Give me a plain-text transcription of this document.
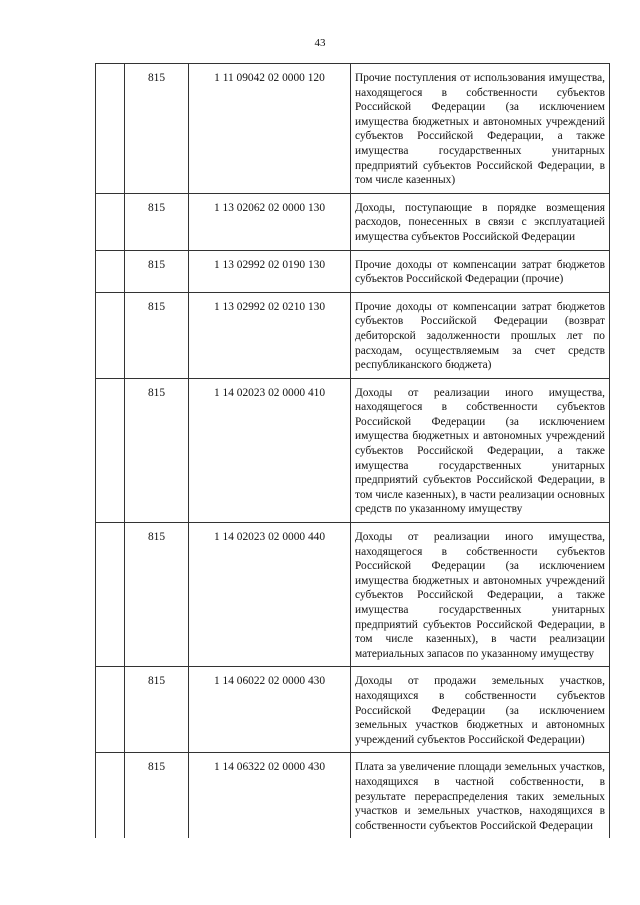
43
	815	1 11 09042 02 0000 120	Прочие поступления от использования имущества, находящегося в собственности субъектов Российской Федерации (за исключением имущества бюджетных и автономных учреждений субъектов Российской Федерации, а также имущества государственных унитарных предприятий субъектов Российской Федерации, в том числе казенных)
	815	1 13 02062 02 0000 130	Доходы, поступающие в порядке возмещения расходов, понесенных в связи с эксплуатацией имущества субъектов Российской Федерации
	815	1 13 02992 02 0190 130	Прочие доходы от компенсации затрат бюджетов субъектов Российской Федерации (прочие)
	815	1 13 02992 02 0210 130	Прочие доходы от компенсации затрат бюджетов субъектов Российской Федерации (возврат дебиторской задолженности прошлых лет по расходам, осуществляемым за счет средств республиканского бюджета)
	815	1 14 02023 02 0000 410	Доходы от реализации иного имущества, находящегося в собственности субъектов Российской Федерации (за исключением имущества бюджетных и автономных учреждений субъектов Российской Федерации, а также имущества государственных унитарных предприятий субъектов Российской Федерации, в том числе казенных), в части реализации основных средств по указанному имуществу
	815	1 14 02023 02 0000 440	Доходы от реализации иного имущества, находящегося в собственности субъектов Российской Федерации (за исключением имущества бюджетных и автономных учреждений субъектов Российской Федерации, а также имущества государственных унитарных предприятий субъектов Российской Федерации, в том числе казенных), в части реализации материальных запасов по указанному имуществу
	815	1 14 06022 02 0000 430	Доходы от продажи земельных участков, находящихся в собственности субъектов Российской Федерации (за исключением земельных участков бюджетных и автономных учреждений субъектов Российской Федерации)
	815	1 14 06322 02 0000 430	Плата за увеличение площади земельных участков, находящихся в частной собственности, в результате перераспределения таких земельных участков и земельных участков, находящихся в собственности субъектов Российской Федерации
